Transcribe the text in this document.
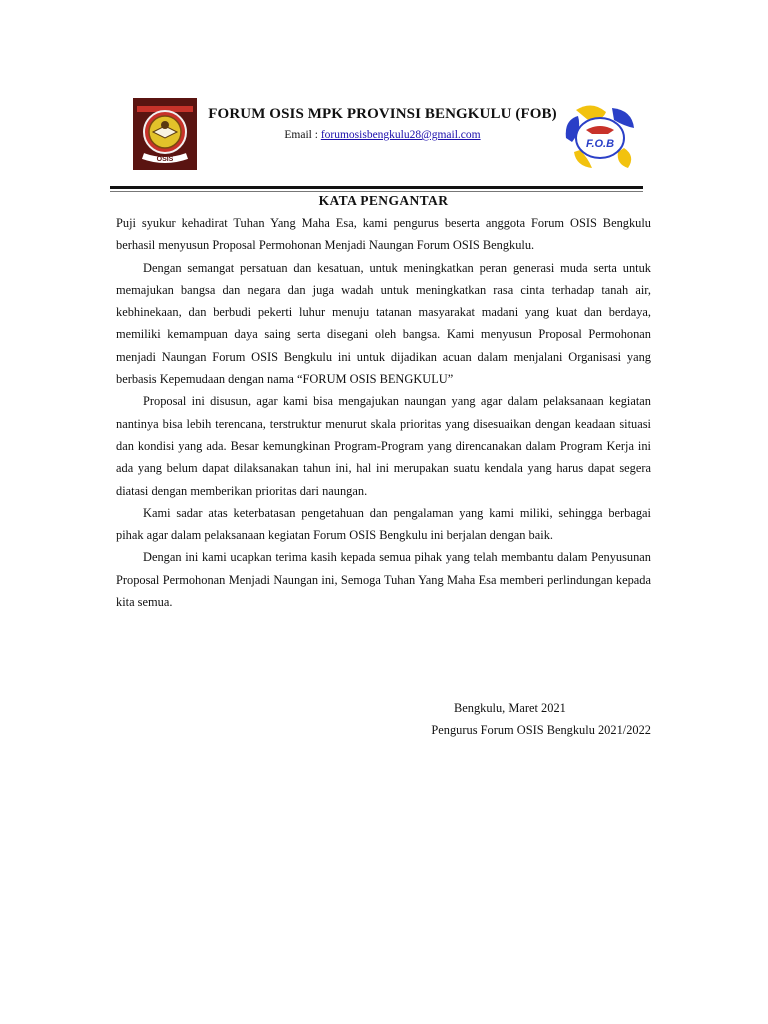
OSIS
FORUM OSIS MPK PROVINSI BENGKULU (FOB)
Email : forumosisbengkulu28@gmail.com
F.O.B
KATA PENGANTAR

Puji syukur kehadirat Tuhan Yang Maha Esa, kami pengurus beserta anggota Forum OSIS Bengkulu berhasil menyusun Proposal Permohonan Menjadi Naungan Forum OSIS Bengkulu.

Dengan semangat persatuan dan kesatuan, untuk meningkatkan peran generasi muda serta untuk memajukan bangsa dan negara dan juga wadah untuk meningkatkan rasa cinta terhadap tanah air, kebhinekaan, dan berbudi pekerti luhur menuju tatanan masyarakat madani yang kuat dan berdaya, memiliki kemampuan daya saing serta disegani oleh bangsa. Kami menyusun Proposal Permohonan menjadi Naungan Forum OSIS Bengkulu ini untuk dijadikan acuan dalam menjalani Organisasi yang berbasis Kepemudaan dengan nama “FORUM OSIS BENGKULU”

Proposal ini disusun, agar kami bisa mengajukan naungan yang agar dalam pelaksanaan kegiatan nantinya bisa lebih terencana, terstruktur menurut skala prioritas yang disesuaikan dengan keadaan situasi dan kondisi yang ada. Besar kemungkinan Program-Program yang direncanakan dalam Program Kerja ini ada yang belum dapat dilaksanakan tahun ini, hal ini merupakan suatu kendala yang harus dapat segera diatasi dengan memberikan prioritas dari naungan.

Kami sadar atas keterbatasan pengetahuan dan pengalaman yang kami miliki, sehingga berbagai pihak agar dalam pelaksanaan kegiatan Forum OSIS Bengkulu ini berjalan dengan baik.

Dengan ini kami ucapkan terima kasih kepada semua pihak yang telah membantu dalam Penyusunan Proposal Permohonan Menjadi Naungan ini, Semoga Tuhan Yang Maha Esa memberi perlindungan kepada kita semua.

Bengkulu, Maret 2021
Pengurus Forum OSIS Bengkulu 2021/2022
